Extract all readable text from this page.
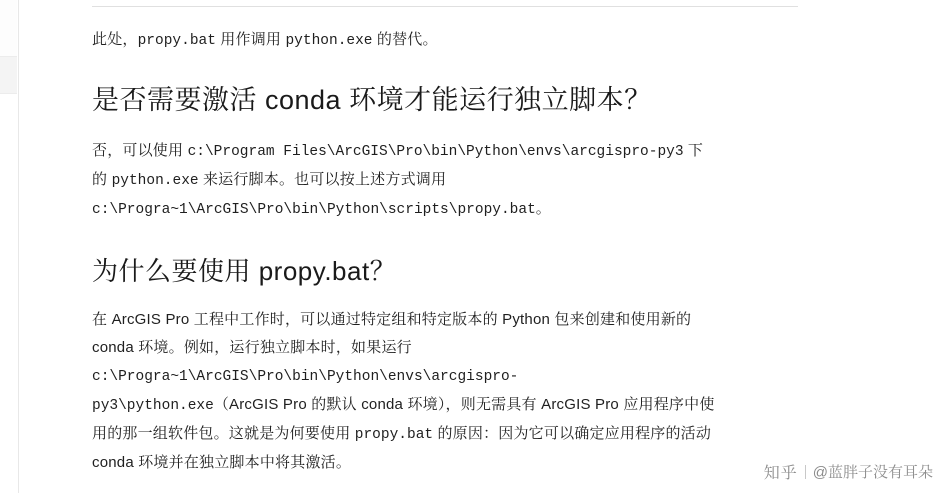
此处，propy.bat 用作调用 python.exe 的替代。

是否需要激活 conda 环境才能运行独立脚本？

否，可以使用 c:\Program Files\ArcGIS\Pro\bin\Python\envs\arcgispro-py3 下

的 python.exe 来运行脚本。也可以按上述方式调用

c:\Progra~1\ArcGIS\Pro\bin\Python\scripts\propy.bat。

为什么要使用 propy.bat？

在 ArcGIS Pro 工程中工作时，可以通过特定组和特定版本的 Python 包来创建和使用新的

conda 环境。例如，运行独立脚本时，如果运行

c:\Progra~1\ArcGIS\Pro\bin\Python\envs\arcgispro-

py3\python.exe（ArcGIS Pro 的默认 conda 环境），则无需具有 ArcGIS Pro 应用程序中使

用的那一组软件包。这就是为何要使用 propy.bat 的原因：因为它可以确定应用程序的活动

conda 环境并在独立脚本中将其激活。

知乎 @蓝胖子没有耳朵
